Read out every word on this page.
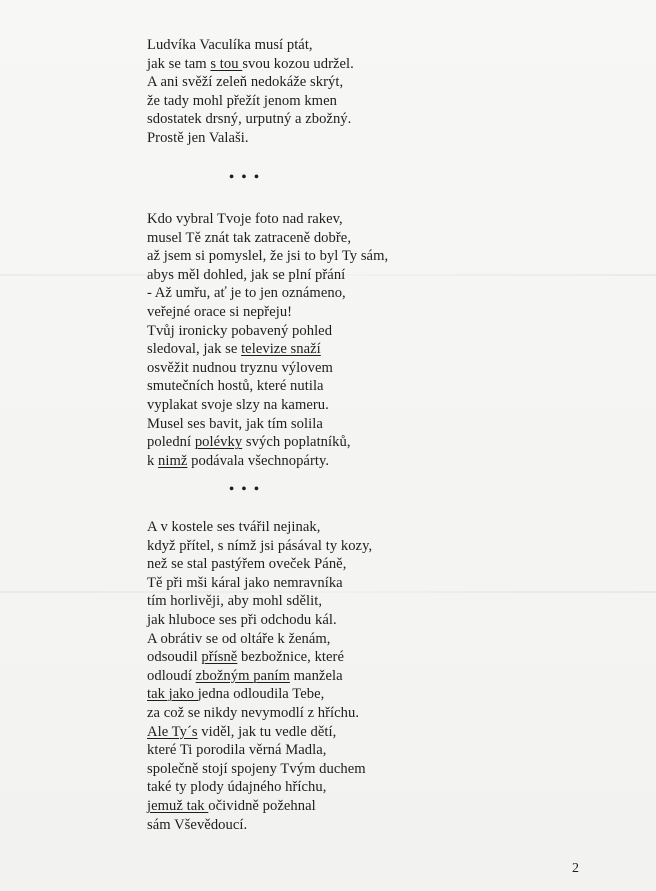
Ludvíka Vaculíka musí ptát,
jak se tam s tou svou kozou udržel.
A ani svěží zeleň nedokáže skrýt,
že tady mohl přežít jenom kmen
sdostatek drsný, urputný a zbožný.
Prostě jen Valaši.
• • •
Kdo vybral Tvoje foto nad rakev,
musel Tě znát tak zatraceně dobře,
až jsem si pomyslel, že jsi to byl Ty sám,
abys měl dohled, jak se plní přání
- Až umřu, ať je to jen oznámeno,
veřejné orace si nepřeju!
Tvůj ironicky pobavený pohled
sledoval, jak se televize snaží
osvěžit nudnou tryznu výlovem
smutečních hostů, které nutila
vyplakat svoje slzy na kameru.
Musel ses bavit, jak tím solila
polední polévky svých poplatníků,
k nimž podávala všechnopárty.
• • •
A v kostele ses tvářil nejinak,
když přítel, s nímž jsi pásával ty kozy,
než se stal pastýřem oveček Páně,
Tě při mši káral jako nemravníka
tím horlivěji, aby mohl sdělit,
jak hluboce ses při odchodu kál.
A obrátiv se od oltáře k ženám,
odsoudil přísně bezbožnice, které
odloudí zbožným paním manžela
tak jako jedna odloudila Tebe,
za což se nikdy nevymodlí z hříchu.
Ale Ty´s viděl, jak tu vedle dětí,
které Ti porodila věrná Madla,
společně stojí spojeny Tvým duchem
také ty plody údajného hříchu,
jemuž tak očividně požehnal
sám Vševědoucí.
2
